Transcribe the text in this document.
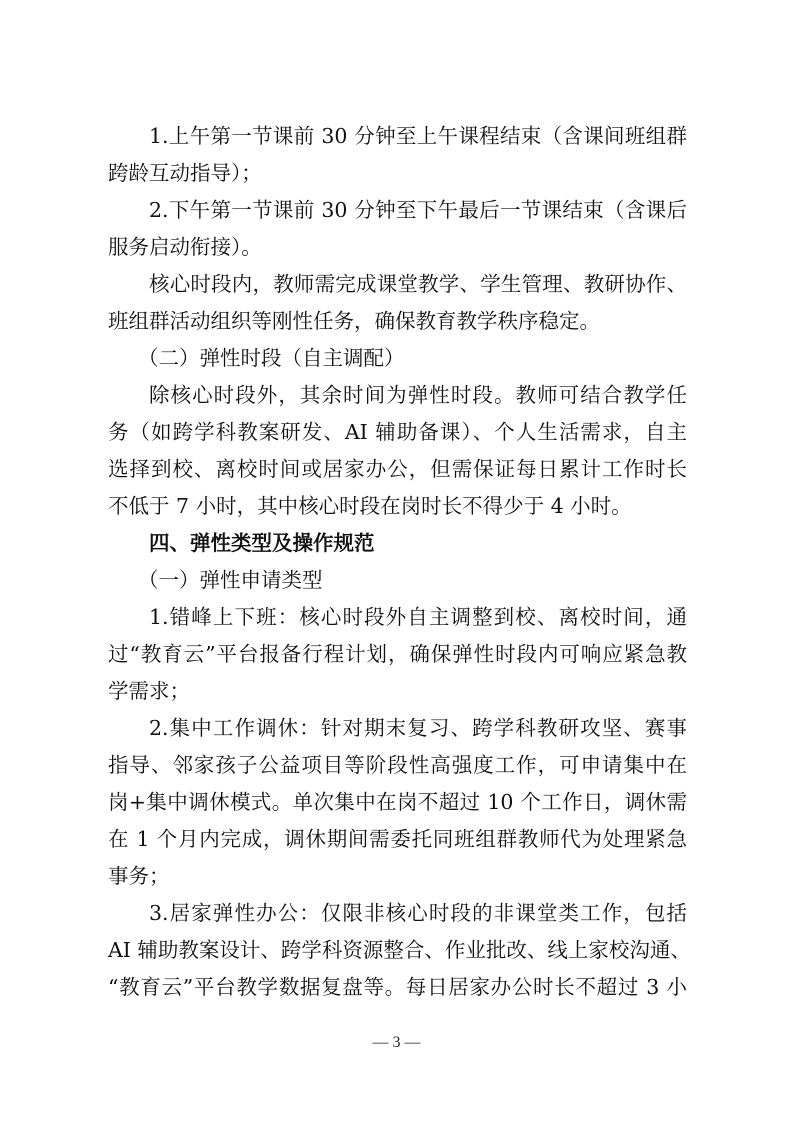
1.上午第一节课前 30 分钟至上午课程结束（含课间班组群
跨龄互动指导）；
2.下午第一节课前 30 分钟至下午最后一节课结束（含课后
服务启动衔接）。
核心时段内，教师需完成课堂教学、学生管理、教研协作、
班组群活动组织等刚性任务，确保教育教学秩序稳定。
（二）弹性时段（自主调配）
除核心时段外，其余时间为弹性时段。教师可结合教学任
务（如跨学科教案研发、AI 辅助备课）、个人生活需求，自主
选择到校、离校时间或居家办公，但需保证每日累计工作时长
不低于 7 小时，其中核心时段在岗时长不得少于 4 小时。
四、弹性类型及操作规范
（一）弹性申请类型
1.错峰上下班：核心时段外自主调整到校、离校时间，通
过“教育云”平台报备行程计划，确保弹性时段内可响应紧急教
学需求；
2.集中工作调休：针对期末复习、跨学科教研攻坚、赛事
指导、邻家孩子公益项目等阶段性高强度工作，可申请集中在
岗+集中调休模式。单次集中在岗不超过 10 个工作日，调休需
在 1 个月内完成，调休期间需委托同班组群教师代为处理紧急
事务；
3.居家弹性办公：仅限非核心时段的非课堂类工作，包括
AI 辅助教案设计、跨学科资源整合、作业批改、线上家校沟通、
“教育云”平台教学数据复盘等。每日居家办公时长不超过 3 小
— 3 —
